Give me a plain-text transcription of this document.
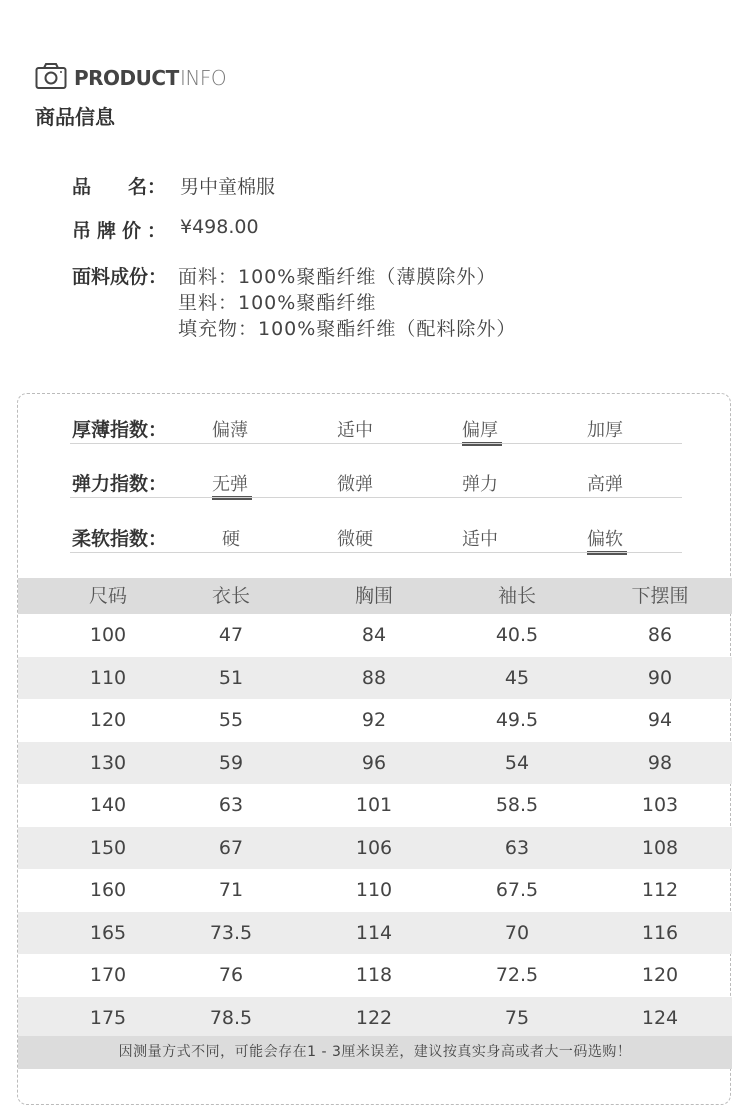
PRODUCT INFO
商品信息
品 名： 男中童棉服
吊牌价： ¥498.00
面料成份： 面料：100%聚酯纤维（薄膜除外）
里料：100%聚酯纤维
填充物：100%聚酯纤维（配料除外）
厚薄指数： 偏薄	适中	偏厚	加厚
弹力指数： 无弹	微弹	弹力	高弹
柔软指数：	硬	微硬	适中	偏软
尺码	衣长	胸围	袖长	下摆围
100	47	84	40.5	86
110	51	88	45	90
120	55	92	49.5	94
130	59	96	54	98
140	63	101	58.5	103
150	67	106	63	108
160	71	110	67.5	112
165	73.5	114	70	116
170	76	118	72.5	120
175	78.5	122	75	124
因测量方式不同，可能会存在1 - 3厘米误差，建议按真实身高或者大一码选购！
